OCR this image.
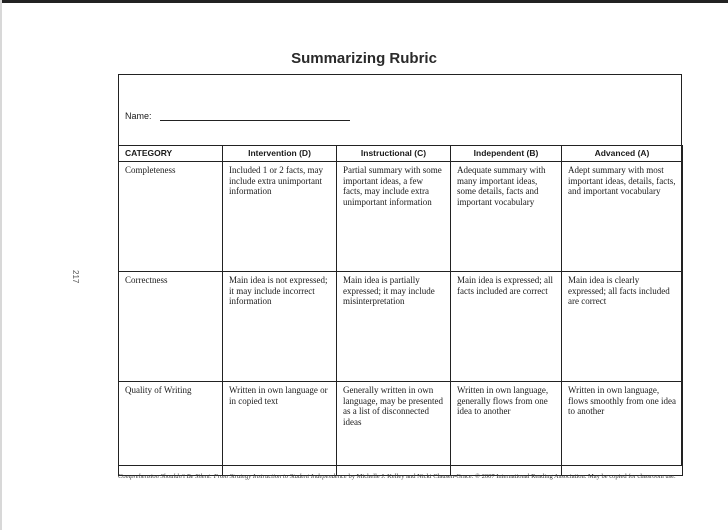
217
Summarizing Rubric
Name:
CATEGORY	Intervention (D)	Instructional (C)	Independent (B)	Advanced (A)
Completeness	Included 1 or 2 facts, may include extra unimportant information	Partial summary with some important ideas, a few facts, may include extra unimportant information	Adequate summary with many important ideas, some details, facts and important vocabulary	Adept summary with most important ideas, details, facts, and important vocabulary
Correctness	Main idea is not expressed; it may include incorrect information	Main idea is partially expressed; it may include misinterpretation	Main idea is expressed; all facts included are correct	Main idea is clearly expressed; all facts included are correct
Quality of Writing	Written in own language or in copied text	Generally written in own language, may be presented as a list of disconnected ideas	Written in own language, generally flows from one idea to another	Written in own language, flows smoothly from one idea to another
Comprehension Shouldn't Be Silent: From Strategy Instruction to Student Independence by Michelle J. Kelley and Nicki Clausen-Grace. © 2007 International Reading Association. May be copied for classroom use.
